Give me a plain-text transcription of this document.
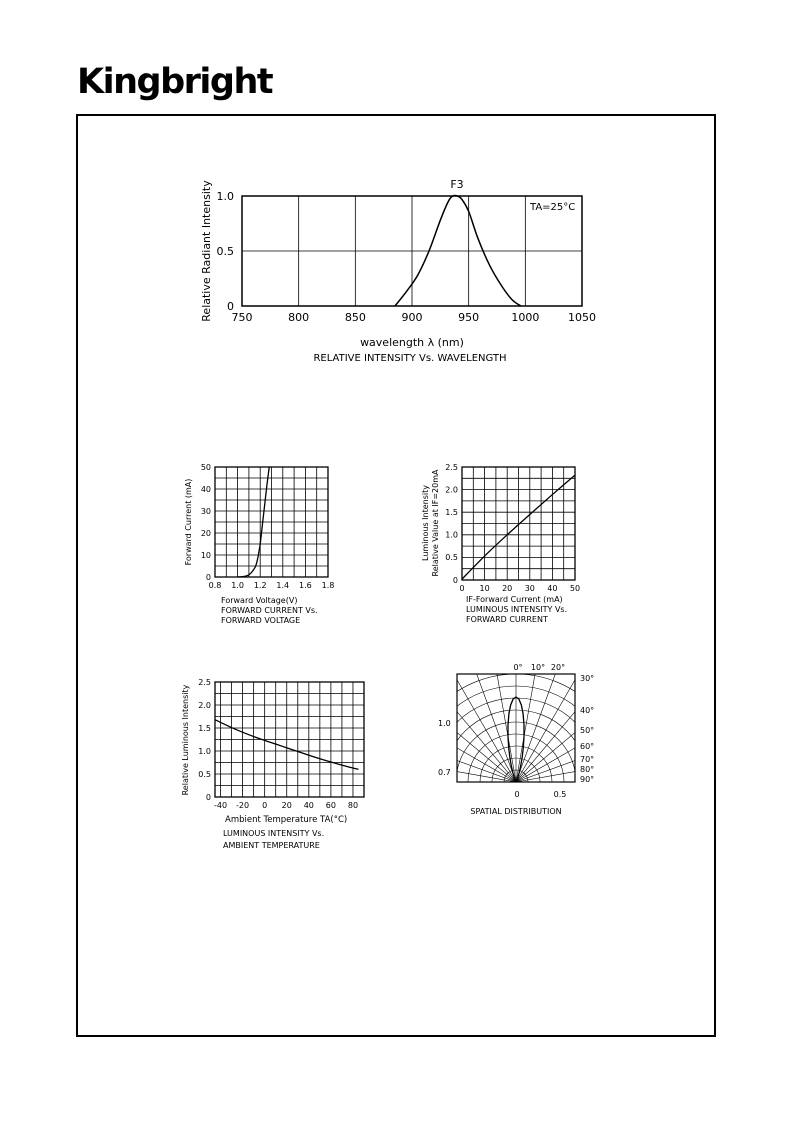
Kingbright
750	800	850	900	950	1000	1050
0
0.5
1.0
F3
TA=25°C
wavelength λ (nm)
RELATIVE INTENSITY Vs. WAVELENGTH
Relative Radiant Intensity
0.8 1.0 1.2 1.4 1.6 1.8
0
10
20
30
40
50
Forward Voltage(V)
FORWARD CURRENT Vs.
FORWARD VOLTAGE
Forward Current (mA)
0 10 20 30 40 50
0
0.5
1.0
1.5
2.0
2.5
IF-Forward Current (mA)
LUMINOUS INTENSITY Vs.
FORWARD CURRENT
Luminous Intensity Relative Value at IF=20mA
-40 -20 0 20 40 60 80
0
0.5
1.0
1.5
2.0
2.5
Ambient Temperature TA(°C)
LUMINOUS INTENSITY Vs.
AMBIENT TEMPERATURE
Relative Luminous Intensity
0° 10° 20°
30°
40°
50°
60°
70°
80°
90°
1.0
0.7
0	0.5
SPATIAL DISTRIBUTION
